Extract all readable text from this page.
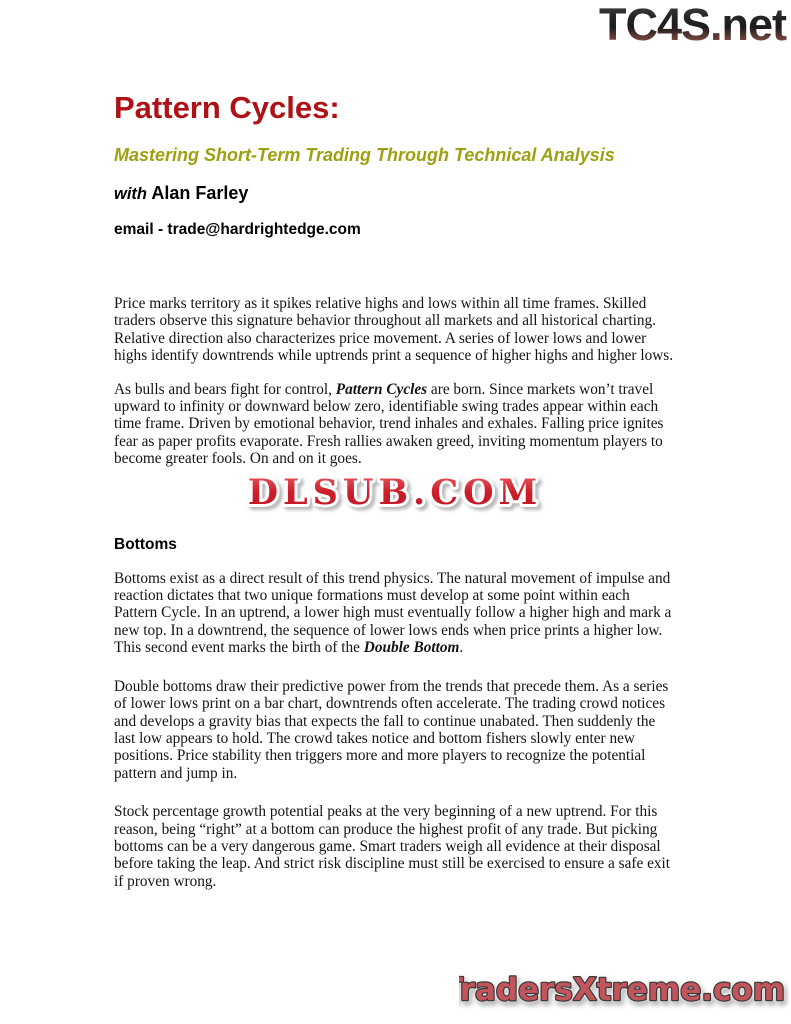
TC4S.net
Pattern Cycles:
Mastering Short-Term Trading Through Technical Analysis

with Alan Farley

email - trade@hardrightedge.com

Price marks territory as it spikes relative highs and lows within all time frames. Skilled traders observe this signature behavior throughout all markets and all historical charting. Relative direction also characterizes price movement. A series of lower lows and lower highs identify downtrends while uptrends print a sequence of higher highs and higher lows.

As bulls and bears fight for control, Pattern Cycles are born. Since markets won’t travel upward to infinity or downward below zero, identifiable swing trades appear within each time frame. Driven by emotional behavior, trend inhales and exhales. Falling price ignites fear as paper profits evaporate. Fresh rallies awaken greed, inviting momentum players to become greater fools. On and on it goes.

DLSUB.COM
Bottoms

Bottoms exist as a direct result of this trend physics. The natural movement of impulse and reaction dictates that two unique formations must develop at some point within each Pattern Cycle. In an uptrend, a lower high must eventually follow a higher high and mark a new top. In a downtrend, the sequence of lower lows ends when price prints a higher low. This second event marks the birth of the Double Bottom.

Double bottoms draw their predictive power from the trends that precede them. As a series of lower lows print on a bar chart, downtrends often accelerate. The trading crowd notices and develops a gravity bias that expects the fall to continue unabated. Then suddenly the last low appears to hold. The crowd takes notice and bottom fishers slowly enter new positions. Price stability then triggers more and more players to recognize the potential pattern and jump in.

Stock percentage growth potential peaks at the very beginning of a new uptrend. For this reason, being “right” at a bottom can produce the highest profit of any trade. But picking bottoms can be a very dangerous game. Smart traders weigh all evidence at their disposal before taking the leap. And strict risk discipline must still be exercised to ensure a safe exit if proven wrong.

TradersXtreme.com
